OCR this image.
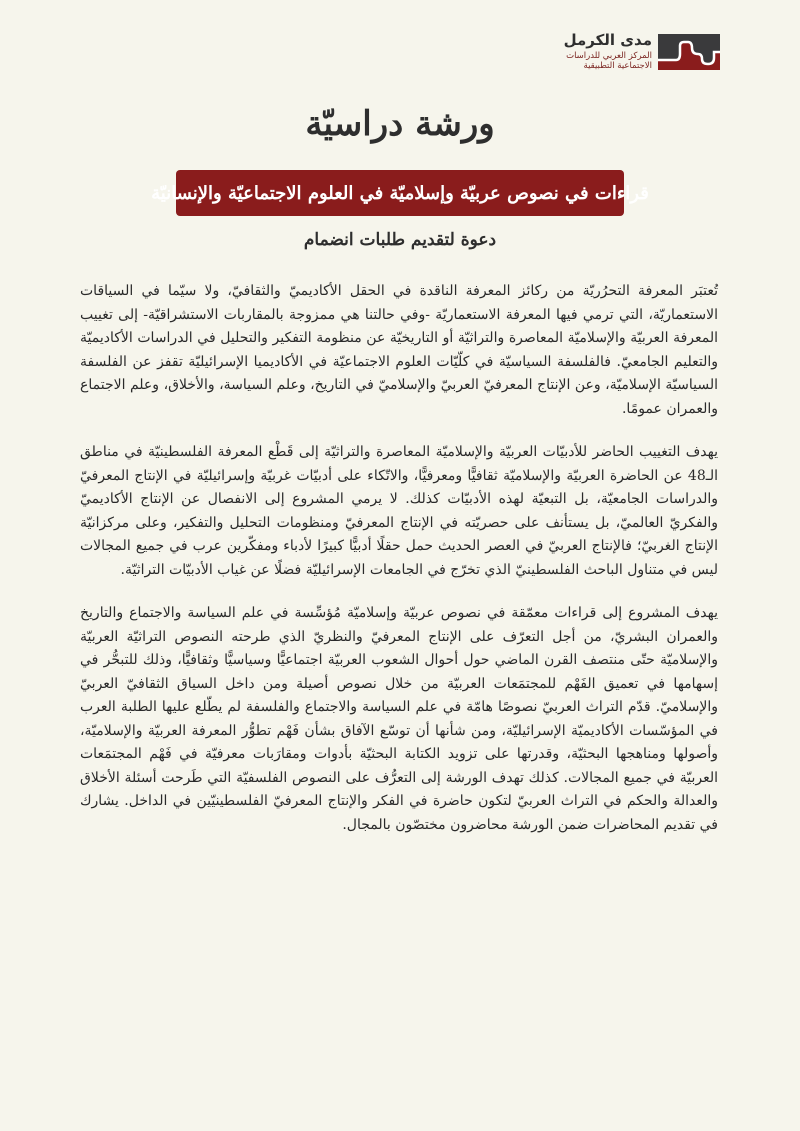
مدى الكرمل
المركز العربي للدراسات
الاجتماعية التطبيقية
ورشة دراسيّة
قراءات في نصوص عربيّة وإسلاميّة في العلوم الاجتماعيّة والإنسانيّة
دعوة لتقديم طلبات انضمام

تُعتبَر المعرفة التحرُريّة من ركائز المعرفة الناقدة في الحقل الأكاديميّ والثقافيّ، ولا سيّما في السياقات الاستعماريّة، التي ترمي فيها المعرفة الاستعماريّة -وفي حالتنا هي ممزوجة بالمقاربات الاستشراقيّة- إلى تغييب المعرفة العربيّة والإسلاميّة المعاصرة والتراثيّة أو التاريخيّة عن منظومة التفكير والتحليل في الدراسات الأكاديميّة والتعليم الجامعيّ. فالفلسفة السياسيّة في كلّيّات العلوم الاجتماعيّة في الأكاديميا الإسرائيليّة تقفز عن الفلسفة السياسيّة الإسلاميّة، وعن الإنتاج المعرفيّ العربيّ والإسلاميّ في التاريخ، وعلم السياسة، والأخلاق، وعلم الاجتماع والعمران عمومًا.

يهدف التغييب الحاضر للأدبيّات العربيّة والإسلاميّة المعاصرة والتراثيّة إلى قَطْع المعرفة الفلسطينيّة في مناطق الـ48 عن الحاضرة العربيّة والإسلاميّة ثقافيًّا ومعرفيًّا، والاتّكاء على أدبيّات غربيّة وإسرائيليّة في الإنتاج المعرفيّ والدراسات الجامعيّة، بل التبعيّة لهذه الأدبيّات كذلك. لا يرمي المشروع إلى الانفصال عن الإنتاج الأكاديميّ والفكريّ العالميّ، بل يستأنف على حصريّته في الإنتاج المعرفيّ ومنظومات التحليل والتفكير، وعلى مركزانيّة الإنتاج الغربيّ؛ فالإنتاج العربيّ في العصر الحديث حمل حقلًا أدبيًّا كبيرًا لأدباء ومفكّرين عرب في جميع المجالات ليس في متناول الباحث الفلسطينيّ الذي تخرّج في الجامعات الإسرائيليّة فضلًا عن غياب الأدبيّات التراثيّة.

يهدف المشروع إلى قراءات معمّقة في نصوص عربيّة وإسلاميّة مُؤسِّسة في علم السياسة والاجتماع والتاريخ والعمران البشريّ، من أجل التعرّف على الإنتاج المعرفيّ والنظريّ الذي طرحته النصوص التراثيّة العربيّة والإسلاميّة حتّى منتصف القرن الماضي حول أحوال الشعوب العربيّة اجتماعيًّا وسياسيًّا وثقافيًّا، وذلك للتبحُّر في إسهامها في تعميق الفَهْم للمجتمَعات العربيّة من خلال نصوص أصيلة ومن داخل السياق الثقافيّ العربيّ والإسلاميّ. قدّم التراث العربيّ نصوصًا هامّة في علم السياسة والاجتماع والفلسفة لم يطّلع عليها الطلبة العرب في المؤسّسات الأكاديميّة الإسرائيليّة، ومن شأنها أن توسّع الآفاق بشأن فَهْم تطوُّر المعرفة العربيّة والإسلاميّة، وأصولها ومناهجها البحثيّة، وقدرتها على تزويد الكتابة البحثيّة بأدوات ومقارَبات معرفيّة في فَهْم المجتمَعات العربيّة في جميع المجالات. كذلك تهدف الورشة إلى التعرُّف على النصوص الفلسفيّة التي طَرحت أسئلة الأخلاق والعدالة والحكم في التراث العربيّ لتكون حاضرة في الفكر والإنتاج المعرفيّ الفلسطينيّين في الداخل. يشارك في تقديم المحاضرات ضمن الورشة محاضرون مختصّون بالمجال.
